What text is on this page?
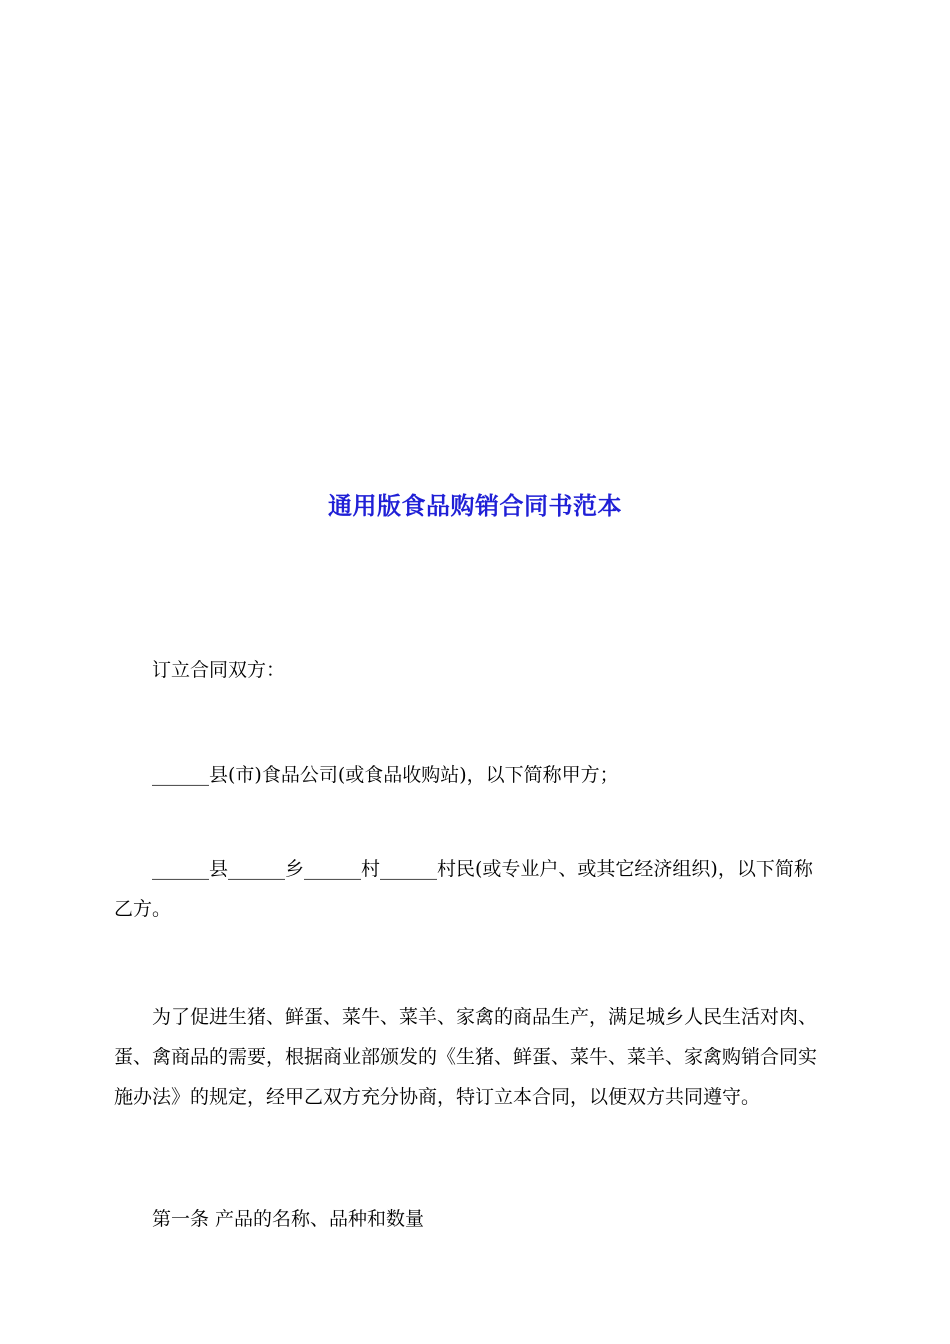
通用版食品购销合同书范本
订立合同双方：
______县(市)食品公司(或食品收购站)，以下简称甲方；
______县______乡______村______村民(或专业户、或其它经济组织)，以下简称
乙方。
为了促进生猪、鲜蛋、菜牛、菜羊、家禽的商品生产，满足城乡人民生活对肉、
蛋、禽商品的需要，根据商业部颁发的《生猪、鲜蛋、菜牛、菜羊、家禽购销合同实
施办法》的规定，经甲乙双方充分协商，特订立本合同，以便双方共同遵守。
第一条 产品的名称、品种和数量
